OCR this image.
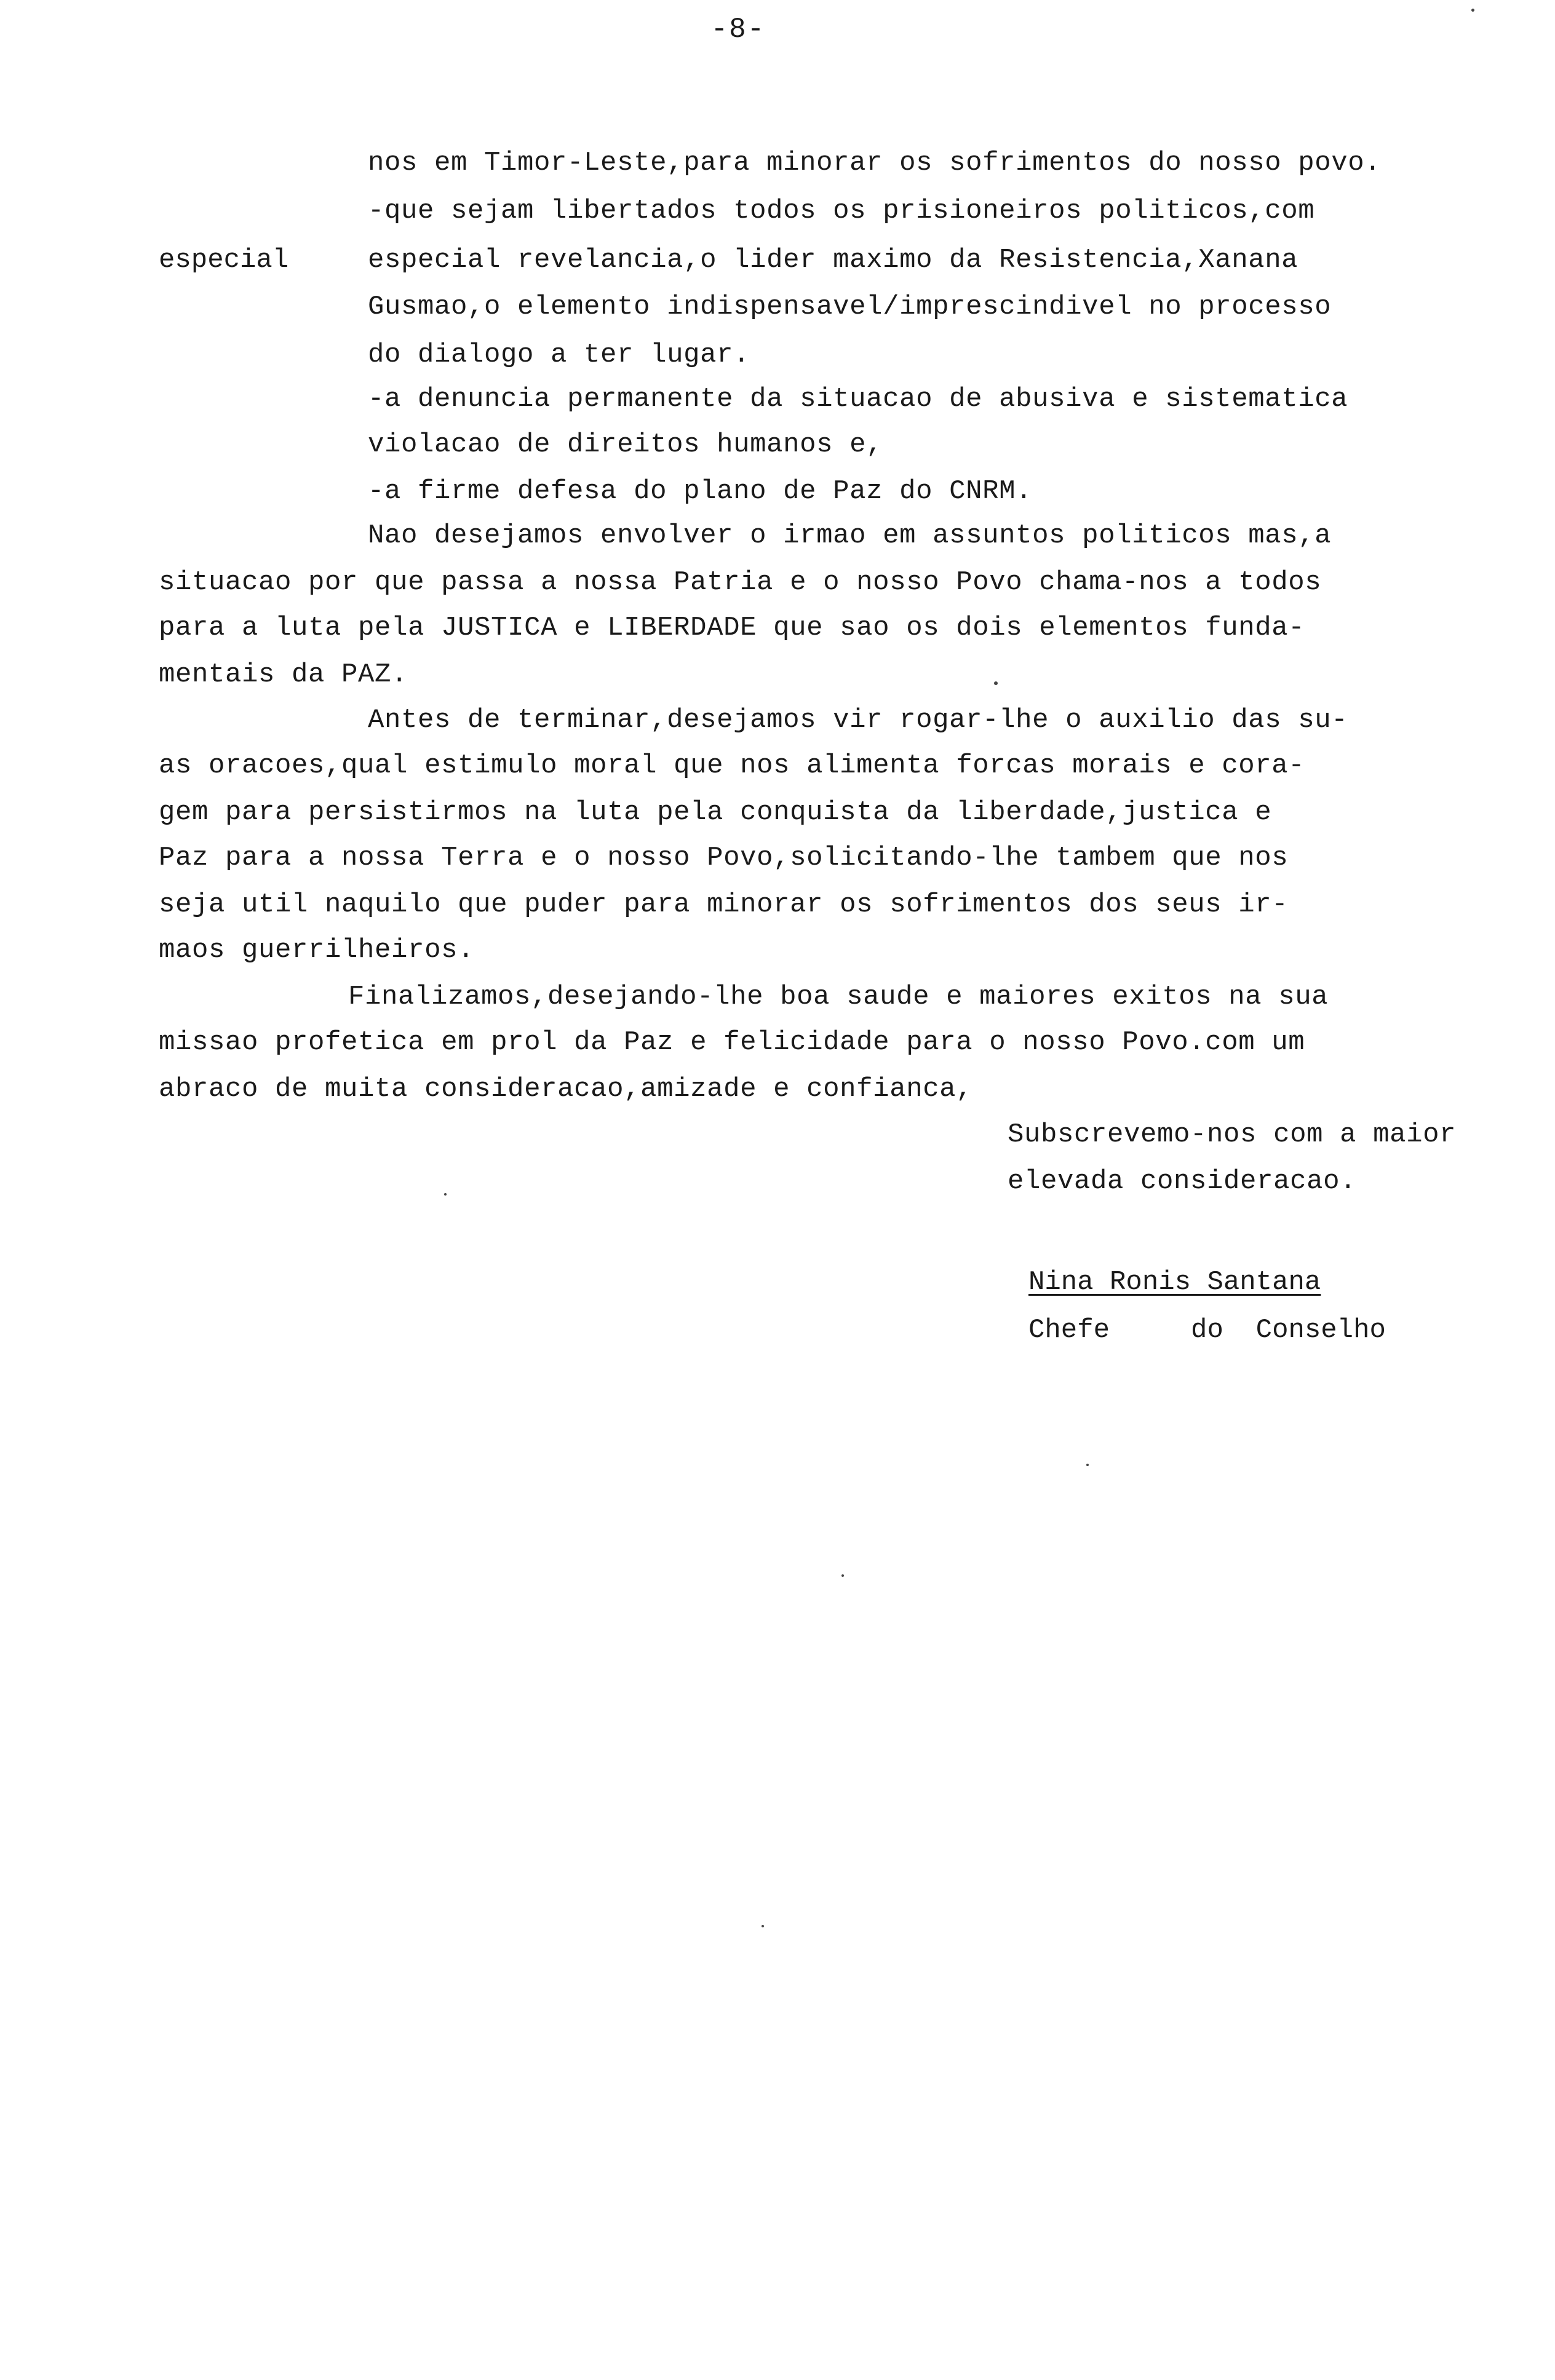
-8-
especial
nos em Timor-Leste,para minorar os sofrimentos do nosso povo.
-que sejam libertados todos os prisioneiros politicos,com
especial revelancia,o lider maximo da Resistencia,Xanana
Gusmao,o elemento indispensavel/imprescindivel no processo
do dialogo a ter lugar.
-a denuncia permanente da situacao de abusiva e sistematica
violacao de direitos humanos e,
-a firme defesa do plano de Paz do CNRM.
Nao desejamos envolver o irmao em assuntos politicos mas,a
situacao por que passa a nossa Patria e o nosso Povo chama-nos a todos
para a luta pela JUSTICA e LIBERDADE que sao os dois elementos funda-
mentais da PAZ.
Antes de terminar,desejamos vir rogar-lhe o auxilio das su-
as oracoes,qual estimulo moral que nos alimenta forcas morais e cora-
gem para persistirmos na luta pela conquista da liberdade,justica e
Paz para a nossa Terra e o nosso Povo,solicitando-lhe tambem que nos
seja util naquilo que puder para minorar os sofrimentos dos seus ir-
maos guerrilheiros.
Finalizamos,desejando-lhe boa saude e maiores exitos na sua
missao profetica em prol da Paz e felicidade para o nosso Povo.com um
abraco de muita consideracao,amizade e confianca,
Subscrevemo-nos com a maior
elevada consideracao.
Nina Ronis Santana
Chefe     do  Conselho
